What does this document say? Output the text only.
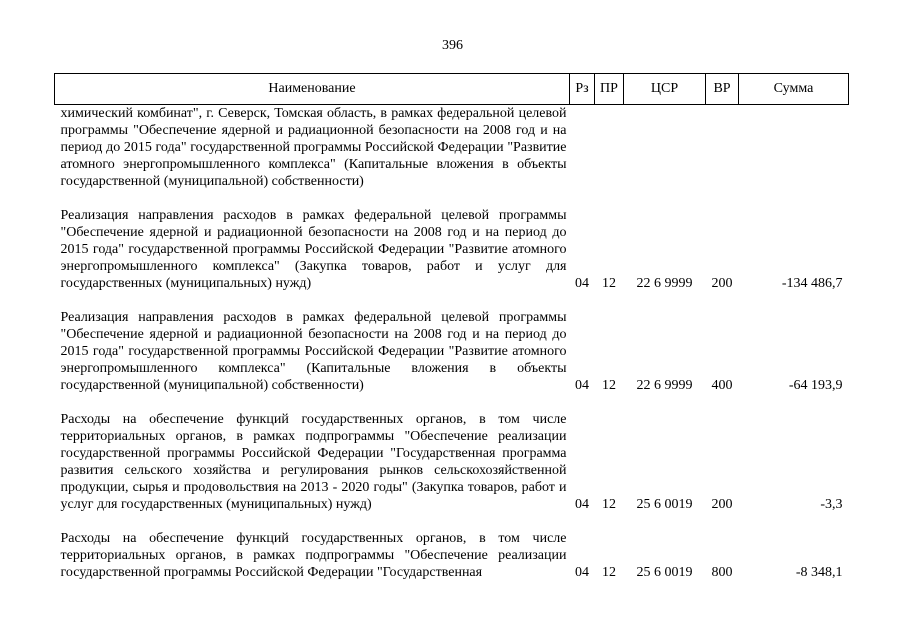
396
Наименование	Рз	ПР	ЦСР	ВР	Сумма
химический комбинат", г. Северск, Томская область, в рамках федеральной целевой программы "Обеспечение ядерной и радиационной безопасности на 2008 год и на период до 2015 года" государственной программы Российской Федерации "Развитие атомного энергопромышленного комплекса" (Капитальные вложения в объекты государственной (муниципальной) собственности)					

Реализация направления расходов в рамках федеральной целевой программы "Обеспечение ядерной и радиационной безопасности на 2008 год и на период до 2015 года" государственной программы Российской Федерации "Развитие атомного энергопромышленного комплекса" (Закупка товаров, работ и услуг для государственных (муниципальных) нужд)	04	12	22 6 9999	200	-134 486,7

Реализация направления расходов в рамках федеральной целевой программы "Обеспечение ядерной и радиационной безопасности на 2008 год и на период до 2015 года" государственной программы Российской Федерации "Развитие атомного энергопромышленного комплекса" (Капитальные вложения в объекты государственной (муниципальной) собственности)	04	12	22 6 9999	400	-64 193,9

Расходы на обеспечение функций государственных органов, в том числе территориальных органов, в рамках подпрограммы "Обеспечение реализации государственной программы Российской Федерации "Государственная программа развития сельского хозяйства и регулирования рынков сельскохозяйственной продукции, сырья и продовольствия на 2013 - 2020 годы" (Закупка товаров, работ и услуг для государственных (муниципальных) нужд)	04	12	25 6 0019	200	-3,3

Расходы на обеспечение функций государственных органов, в том числе территориальных органов, в рамках подпрограммы "Обеспечение реализации государственной программы Российской Федерации "Государственная	04	12	25 6 0019	800	-8 348,1
